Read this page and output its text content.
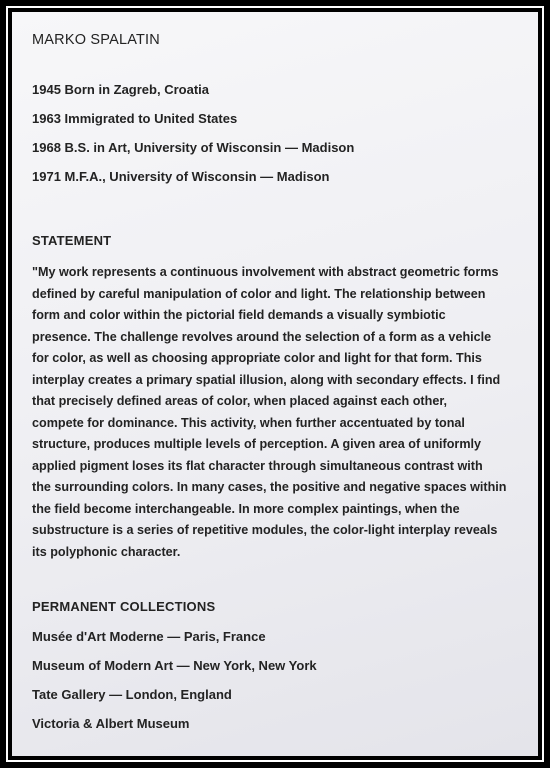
MARKO SPALATIN
1945 Born in Zagreb, Croatia
1963 Immigrated to United States
1968 B.S. in Art, University of Wisconsin — Madison
1971 M.F.A., University of Wisconsin — Madison
STATEMENT

"My work represents a continuous involvement with abstract geometric forms
defined by careful manipulation of color and light. The relationship between
form and color within the pictorial field demands a visually symbiotic
presence. The challenge revolves around the selection of a form as a vehicle
for color, as well as choosing appropriate color and light for that form. This
interplay creates a primary spatial illusion, along with secondary effects. I find
that precisely defined areas of color, when placed against each other,
compete for dominance. This activity, when further accentuated by tonal
structure, produces multiple levels of perception. A given area of uniformly
applied pigment loses its flat character through simultaneous contrast with
the surrounding colors. In many cases, the positive and negative spaces within
the field become interchangeable. In more complex paintings, when the
substructure is a series of repetitive modules, the color-light interplay reveals
its polyphonic character.

PERMANENT COLLECTIONS
Musée d'Art Moderne — Paris, France
Museum of Modern Art — New York, New York
Tate Gallery — London, England
Victoria & Albert Museum
